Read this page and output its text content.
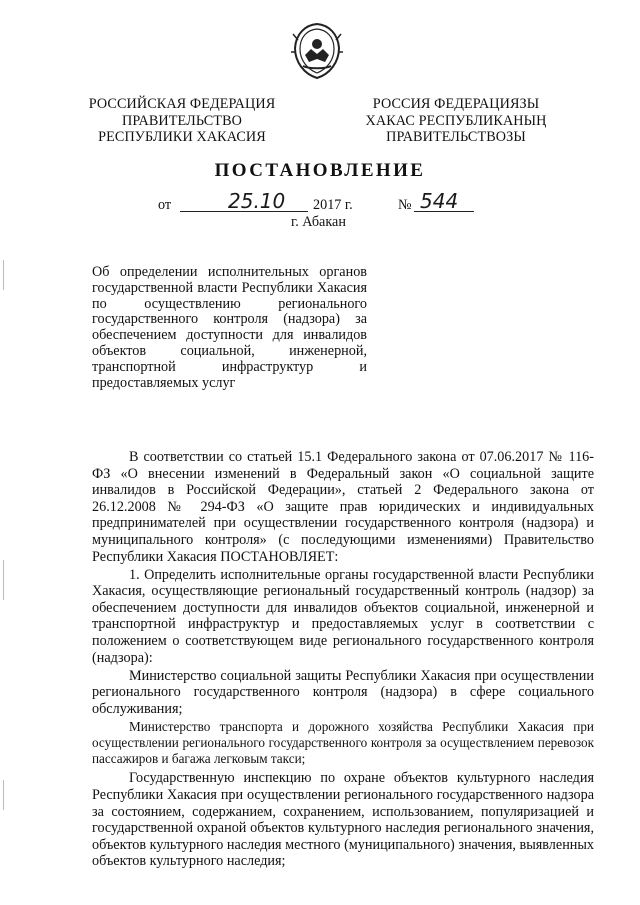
РОССИЙСКАЯ ФЕДЕРАЦИЯ
ПРАВИТЕЛЬСТВО
РЕСПУБЛИКИ ХАКАСИЯ
РОССИЯ ФЕДЕРАЦИЯЗЫ
ХАКАС РЕСПУБЛИКАНЫҢ
ПРАВИТЕЛЬСТВОЗЫ
ПОСТАНОВЛЕНИЕ
от	25.10 2017 г.	№ 544
г. Абакан

Об определении исполнительных органов

государственной власти Республики Хакасия

по осуществлению регионального

государственного контроля (надзора) за

обеспечением доступности для инвалидов

объектов социальной, инженерной,

транспортной инфраструктур и

предоставляемых услуг

В соответствии со статьей 15.1 Федерального закона от 07.06.2017 № 116-ФЗ «О внесении изменений в Федеральный закон «О социальной защите инвалидов в Российской Федерации», статьей 2 Федерального закона от 26.12.2008 № 294-ФЗ «О защите прав юридических и индивидуальных предпринимателей при осуществлении государственного контроля (надзора) и муниципального контроля» (с последующими изменениями) Правительство Республики Хакасия ПОСТАНОВЛЯЕТ:

1. Определить исполнительные органы государственной власти Республики Хакасия, осуществляющие региональный государственный контроль (надзор) за обеспечением доступности для инвалидов объектов социальной, инженерной и транспортной инфраструктур и предоставляемых услуг в соответствии с положением о соответствующем виде регионального государственного контроля (надзора):

Министерство социальной защиты Республики Хакасия при осуществлении регионального государственного контроля (надзора) в сфере социального обслуживания;

Министерство транспорта и дорожного хозяйства Республики Хакасия при осуществлении регионального государственного контроля за осуществлением перевозок пассажиров и багажа легковым такси;

Государственную инспекцию по охране объектов культурного наследия Республики Хакасия при осуществлении регионального государственного надзора за состоянием, содержанием, сохранением, использованием, популяризацией и государственной охраной объектов культурного наследия регионального значения, объектов культурного наследия местного (муниципального) значения, выявленных объектов культурного наследия;
